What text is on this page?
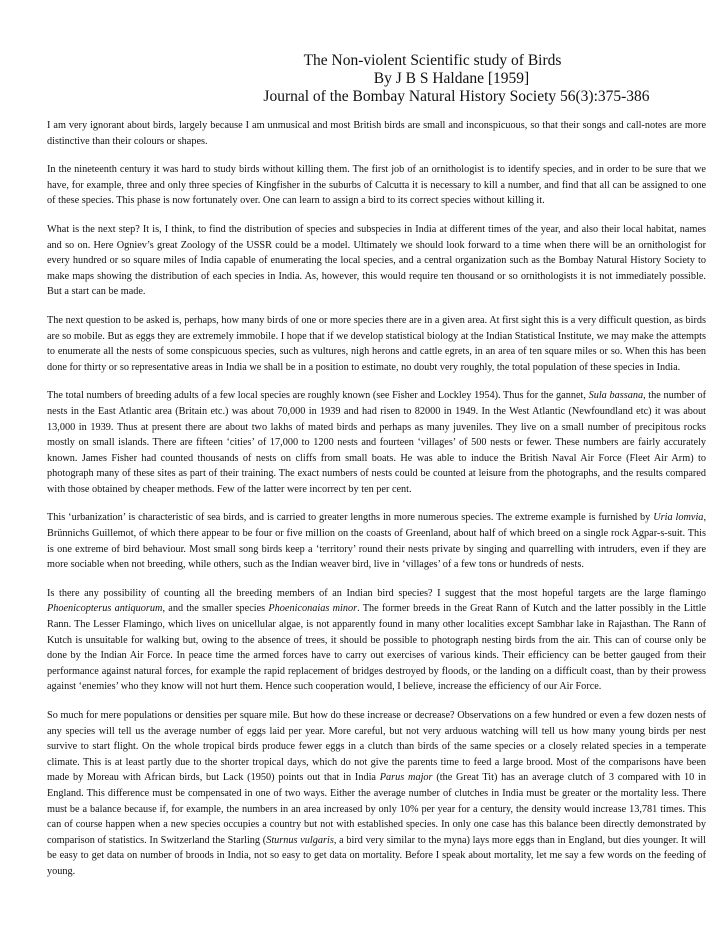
The Non-violent Scientific study of Birds
By J B S Haldane [1959]
Journal of the Bombay Natural History Society 56(3):375-386

I am very ignorant about birds, largely because I am unmusical and most British birds are small and inconspicuous, so that their songs and call-notes are more distinctive than their colours or shapes.

In the nineteenth century it was hard to study birds without killing them. The first job of an ornithologist is to identify species, and in order to be sure that we have, for example, three and only three species of Kingfisher in the suburbs of Calcutta it is necessary to kill a number, and find that all can be assigned to one of these species. This phase is now fortunately over. One can learn to assign a bird to its correct species without killing it.

What is the next step? It is, I think, to find the distribution of species and subspecies in India at different times of the year, and also their local habitat, names and so on. Here Ogniev’s great Zoology of the USSR could be a model. Ultimately we should look forward to a time when there will be an ornithologist for every hundred or so square miles of India capable of enumerating the local species, and a central organization such as the Bombay Natural History Society to make maps showing the distribution of each species in India. As, however, this would require ten thousand or so ornithologists it is not immediately possible. But a start can be made.

The next question to be asked is, perhaps, how many birds of one or more species there are in a given area. At first sight this is a very difficult question, as birds are so mobile. But as eggs they are extremely immobile. I hope that if we develop statistical biology at the Indian Statistical Institute, we may make the attempts to enumerate all the nests of some conspicuous species, such as vultures, nigh herons and cattle egrets, in an area of ten square miles or so. When this has been done for thirty or so representative areas in India we shall be in a position to estimate, no doubt very roughly, the total population of these species in India.

The total numbers of breeding adults of a few local species are roughly known (see Fisher and Lockley 1954). Thus for the gannet, Sula bassana, the number of nests in the East Atlantic area (Britain etc.) was about 70,000 in 1939 and had risen to 82000 in 1949. In the West Atlantic (Newfoundland etc) it was about 13,000 in 1939. Thus at present there are about two lakhs of mated birds and perhaps as many juveniles. They live on a small number of precipitous rocks mostly on small islands. There are fifteen ‘cities’ of 17,000 to 1200 nests and fourteen ‘villages’ of 500 nests or fewer. These numbers are fairly accurately known. James Fisher had counted thousands of nests on cliffs from small boats. He was able to induce the British Naval Air Force (Fleet Air Arm) to photograph many of these sites as part of their training. The exact numbers of nests could be counted at leisure from the photographs, and the results compared with those obtained by cheaper methods. Few of the latter were incorrect by ten per cent.

This ‘urbanization’ is characteristic of sea birds, and is carried to greater lengths in more numerous species. The extreme example is furnished by Uria lomvia, Brünnichs Guillemot, of which there appear to be four or five million on the coasts of Greenland, about half of which breed on a single rock Agpar-s-suit. This is one extreme of bird behaviour. Most small song birds keep a ‘territory’ round their nests private by singing and quarrelling with intruders, even if they are more sociable when not breeding, while others, such as the Indian weaver bird, live in ‘villages’ of a few tons or hundreds of nests.

Is there any possibility of counting all the breeding members of an Indian bird species? I suggest that the most hopeful targets are the large flamingo Phoenicopterus antiquorum, and the smaller species Phoeniconaias minor. The former breeds in the Great Rann of Kutch and the latter possibly in the Little Rann. The Lesser Flamingo, which lives on unicellular algae, is not apparently found in many other localities except Sambhar lake in Rajasthan. The Rann of Kutch is unsuitable for walking but, owing to the absence of trees, it should be possible to photograph nesting birds from the air. This can of course only be done by the Indian Air Force. In peace time the armed forces have to carry out exercises of various kinds. Their efficiency can be better gauged from their performance against natural forces, for example the rapid replacement of bridges destroyed by floods, or the landing on a difficult coast, than by their prowess against ‘enemies’ who they know will not hurt them. Hence such cooperation would, I believe, increase the efficiency of our Air Force.

So much for mere populations or densities per square mile. But how do these increase or decrease? Observations on a few hundred or even a few dozen nests of any species will tell us the average number of eggs laid per year. More careful, but not very arduous watching will tell us how many young birds per nest survive to start flight. On the whole tropical birds produce fewer eggs in a clutch than birds of the same species or a closely related species in a temperate climate. This is at least partly due to the shorter tropical days, which do not give the parents time to feed a large brood. Most of the comparisons have been made by Moreau with African birds, but Lack (1950) points out that in India Parus major (the Great Tit) has an average clutch of 3 compared with 10 in England. This difference must be compensated in one of two ways. Either the average number of clutches in India must be greater or the mortality less. There must be a balance because if, for example, the numbers in an area increased by only 10% per year for a century, the density would increase 13,781 times. This can of course happen when a new species occupies a country but not with established species. In only one case has this balance been directly demonstrated by comparison of statistics. In Switzerland the Starling (Sturnus vulgaris, a bird very similar to the myna) lays more eggs than in England, but dies younger. It will be easy to get data on number of broods in India, not so easy to get data on mortality. Before I speak about mortality, let me say a few words on the feeding of young.
